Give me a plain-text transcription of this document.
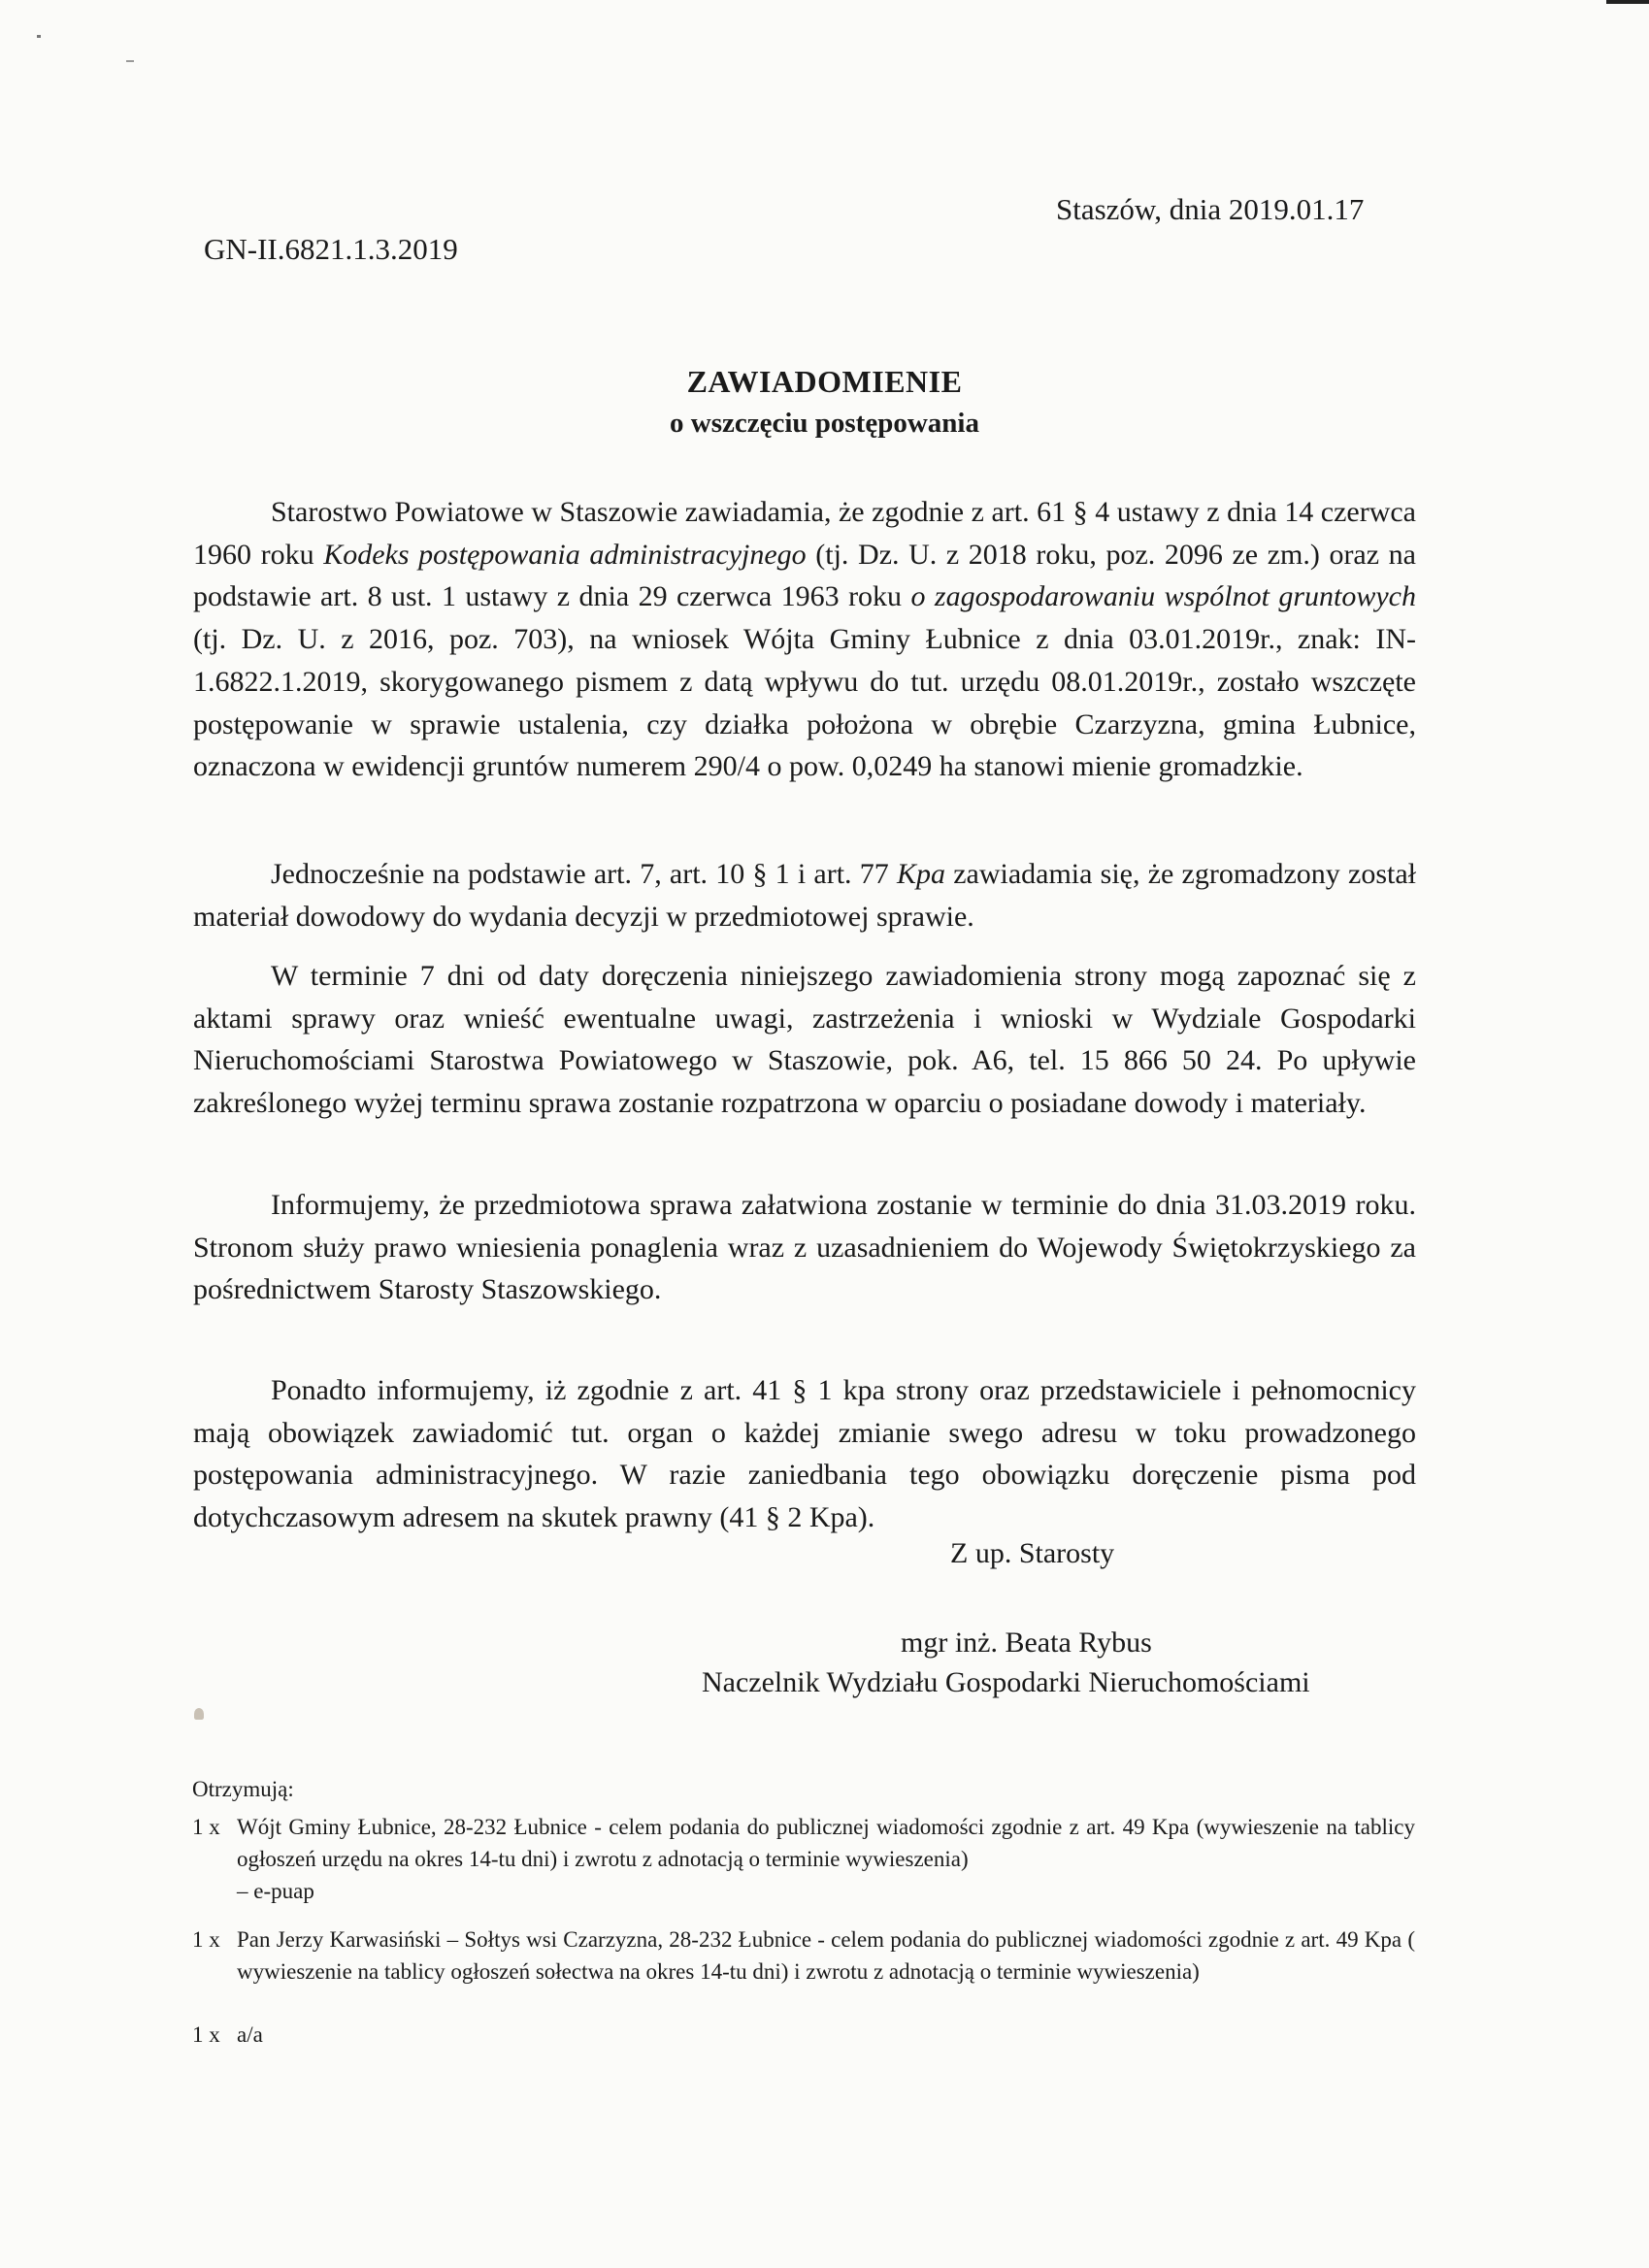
GN-II.6821.1.3.2019
Staszów, dnia 2019.01.17
ZAWIADOMIENIE
o wszczęciu postępowania

Starostwo Powiatowe w Staszowie zawiadamia, że zgodnie z art. 61 § 4 ustawy z dnia 14 czerwca 1960 roku Kodeks postępowania administracyjnego (tj. Dz. U. z 2018 roku, poz. 2096 ze zm.) oraz na podstawie art. 8 ust. 1 ustawy z dnia 29 czerwca 1963 roku o zagospodarowaniu wspólnot gruntowych (tj. Dz. U. z 2016, poz. 703), na wniosek Wójta Gminy Łubnice z dnia 03.01.2019r., znak: IN-1.6822.1.2019, skorygowanego pismem z datą wpływu do tut. urzędu 08.01.2019r., zostało wszczęte postępowanie w sprawie ustalenia, czy działka położona w obrębie Czarzyzna, gmina Łubnice, oznaczona w ewidencji gruntów numerem 290/4 o pow. 0,0249 ha stanowi mienie gromadzkie.

Jednocześnie na podstawie art. 7, art. 10 § 1 i art. 77 Kpa zawiadamia się, że zgromadzony został materiał dowodowy do wydania decyzji w przedmiotowej sprawie.

W terminie 7 dni od daty doręczenia niniejszego zawiadomienia strony mogą zapoznać się z aktami sprawy oraz wnieść ewentualne uwagi, zastrzeżenia i wnioski w Wydziale Gospodarki Nieruchomościami Starostwa Powiatowego w Staszowie, pok. A6, tel. 15 866 50 24. Po upływie zakreślonego wyżej terminu sprawa zostanie rozpatrzona w oparciu o posiadane dowody i materiały.

Informujemy, że przedmiotowa sprawa załatwiona zostanie w terminie do dnia 31.03.2019 roku. Stronom służy prawo wniesienia ponaglenia wraz z uzasadnieniem do Wojewody Świętokrzyskiego za pośrednictwem Starosty Staszowskiego.

Ponadto informujemy, iż zgodnie z art. 41 § 1 kpa strony oraz przedstawiciele i pełnomocnicy mają obowiązek zawiadomić tut. organ o każdej zmianie swego adresu w toku prowadzonego postępowania administracyjnego. W razie zaniedbania tego obowiązku doręczenie pisma pod dotychczasowym adresem na skutek prawny (41 § 2 Kpa).

Z up. Starosty
mgr inż. Beata Rybus
Naczelnik Wydziału Gospodarki Nieruchomościami
Otrzymują:
1 x Wójt Gminy Łubnice, 28-232 Łubnice - celem podania do publicznej wiadomości zgodnie z art. 49 Kpa (wywieszenie na tablicy ogłoszeń urzędu na okres 14-tu dni) i zwrotu z adnotacją o terminie wywieszenia)
– e-puap
1 x Pan Jerzy Karwasiński – Sołtys wsi Czarzyzna, 28-232 Łubnice - celem podania do publicznej wiadomości zgodnie z art. 49 Kpa ( wywieszenie na tablicy ogłoszeń sołectwa na okres 14-tu dni) i zwrotu z adnotacją o terminie wywieszenia)
1 x a/a
